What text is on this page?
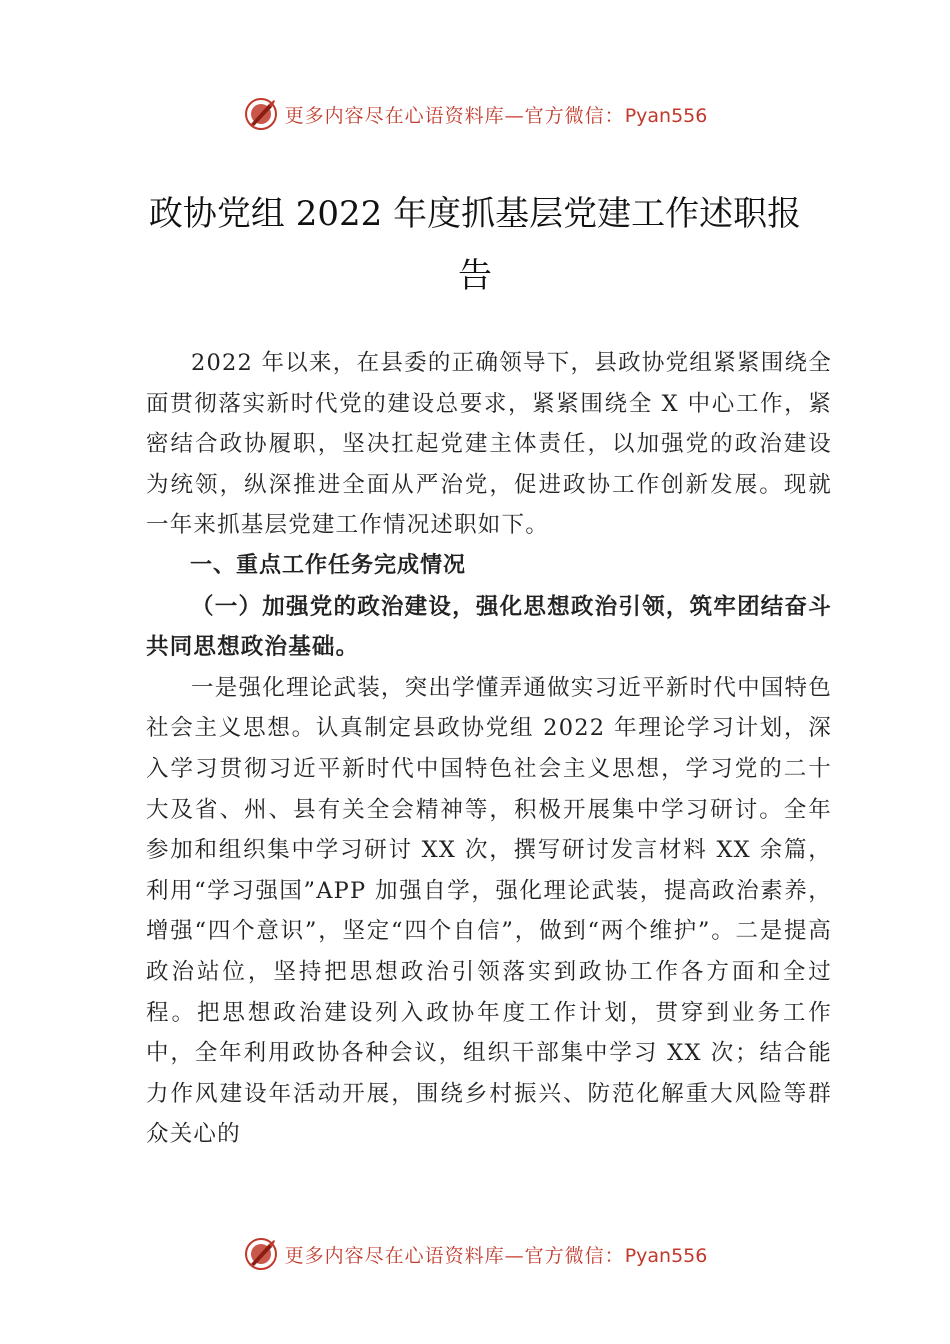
更多内容尽在心语资料库—官方微信：Pyan556
政协党组 2022 年度抓基层党建工作述职报告

2022 年以来，在县委的正确领导下，县政协党组紧紧围绕全面贯彻落实新时代党的建设总要求，紧紧围绕全 X 中心工作，紧密结合政协履职，坚决扛起党建主体责任，以加强党的政治建设为统领，纵深推进全面从严治党，促进政协工作创新发展。现就一年来抓基层党建工作情况述职如下。

一、重点工作任务完成情况

（一）加强党的政治建设，强化思想政治引领，筑牢团结奋斗共同思想政治基础。

一是强化理论武装，突出学懂弄通做实习近平新时代中国特色社会主义思想。认真制定县政协党组 2022 年理论学习计划，深入学习贯彻习近平新时代中国特色社会主义思想，学习党的二十大及省、州、县有关全会精神等，积极开展集中学习研讨。全年参加和组织集中学习研讨 XX 次，撰写研讨发言材料 XX 余篇，利用“学习强国”APP 加强自学，强化理论武装，提高政治素养，增强“四个意识”，坚定“四个自信”，做到“两个维护”。二是提高政治站位，坚持把思想政治引领落实到政协工作各方面和全过程。把思想政治建设列入政协年度工作计划，贯穿到业务工作中，全年利用政协各种会议，组织干部集中学习 XX 次；结合能力作风建设年活动开展，围绕乡村振兴、防范化解重大风险等群众关心的

更多内容尽在心语资料库—官方微信：Pyan556
